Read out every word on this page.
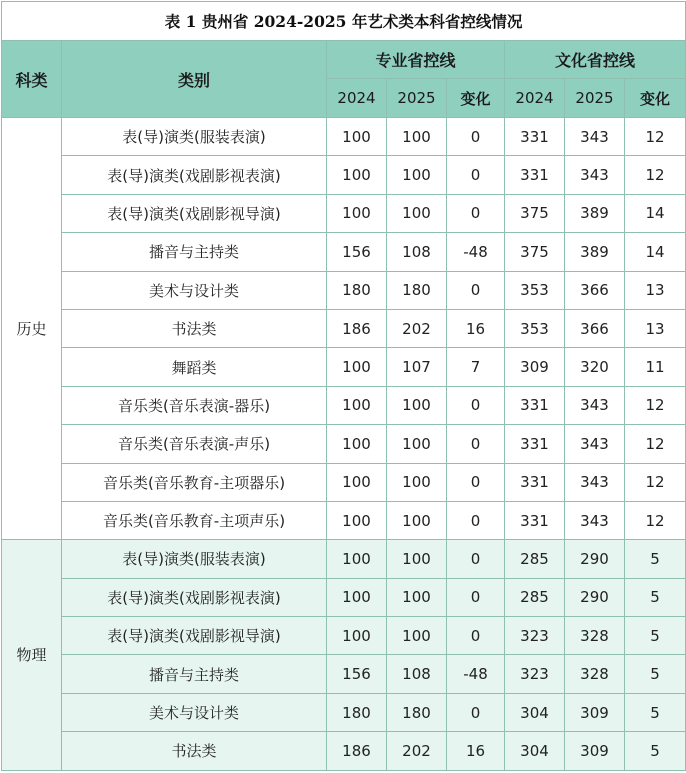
表 1 贵州省 2024-2025 年艺术类本科省控线情况							
科类	类别	专业省控线			文化省控线		
		2024	2025	变化	2024	2025	变化
历史	表(导)演类(服装表演)	100	100	0	331	343	12
	表(导)演类(戏剧影视表演)	100	100	0	331	343	12
	表(导)演类(戏剧影视导演)	100	100	0	375	389	14
	播音与主持类	156	108	-48	375	389	14
	美术与设计类	180	180	0	353	366	13
	书法类	186	202	16	353	366	13
	舞蹈类	100	107	7	309	320	11
	音乐类(音乐表演-器乐)	100	100	0	331	343	12
	音乐类(音乐表演-声乐)	100	100	0	331	343	12
	音乐类(音乐教育-主项器乐)	100	100	0	331	343	12
	音乐类(音乐教育-主项声乐)	100	100	0	331	343	12
物理	表(导)演类(服装表演)	100	100	0	285	290	5
	表(导)演类(戏剧影视表演)	100	100	0	285	290	5
	表(导)演类(戏剧影视导演)	100	100	0	323	328	5
	播音与主持类	156	108	-48	323	328	5
	美术与设计类	180	180	0	304	309	5
	书法类	186	202	16	304	309	5
